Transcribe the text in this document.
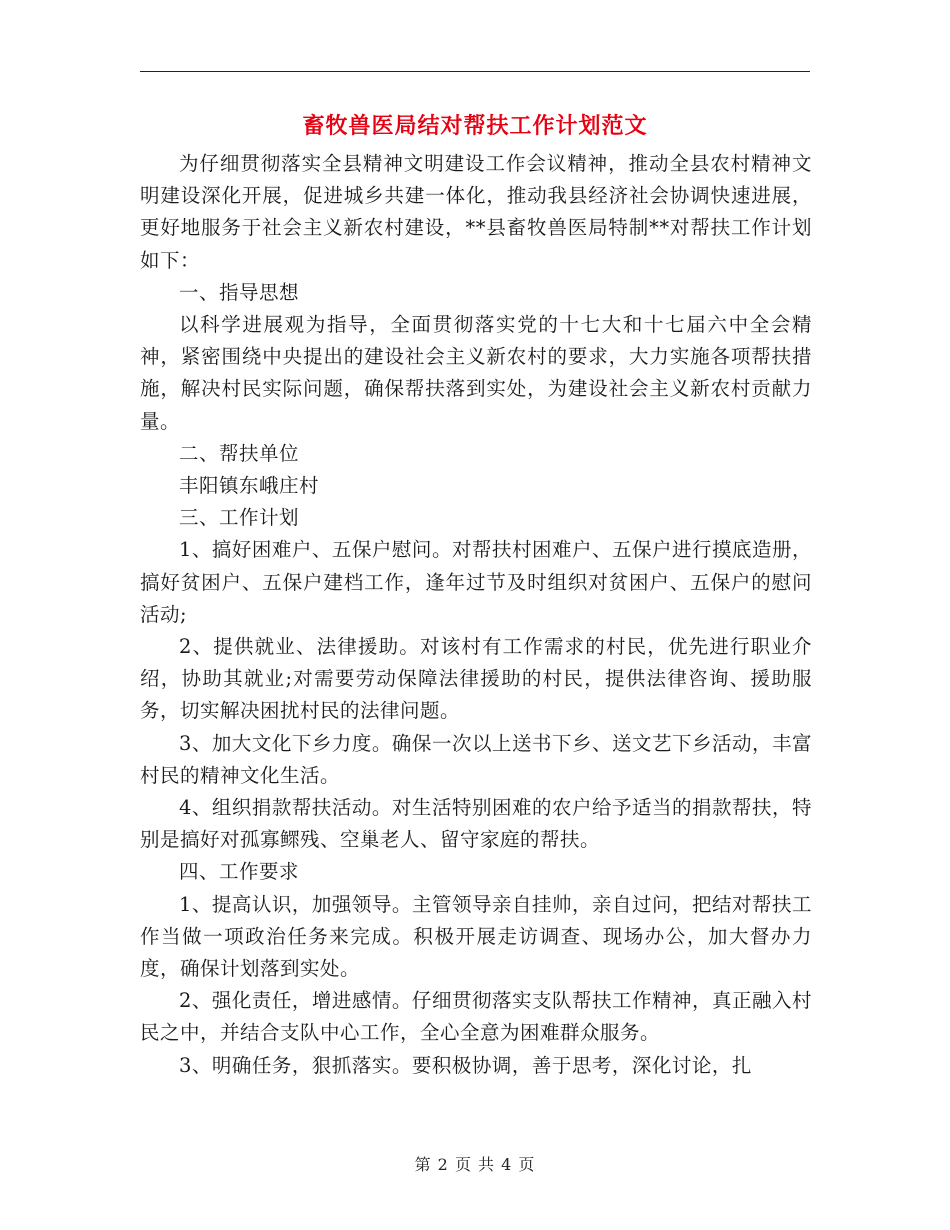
畜牧兽医局结对帮扶工作计划范文

为仔细贯彻落实全县精神文明建设工作会议精神，推动全县农村精神文明建设深化开展，促进城乡共建一体化，推动我县经济社会协调快速进展，更好地服务于社会主义新农村建设，**县畜牧兽医局特制**对帮扶工作计划如下：

一、指导思想

以科学进展观为指导，全面贯彻落实党的十七大和十七届六中全会精神，紧密围绕中央提出的建设社会主义新农村的要求，大力实施各项帮扶措施，解决村民实际问题，确保帮扶落到实处，为建设社会主义新农村贡献力量。

二、帮扶单位

丰阳镇东峨庄村

三、工作计划

1、搞好困难户、五保户慰问。对帮扶村困难户、五保户进行摸底造册，搞好贫困户、五保户建档工作，逢年过节及时组织对贫困户、五保户的慰问活动;

2、提供就业、法律援助。对该村有工作需求的村民，优先进行职业介绍，协助其就业;对需要劳动保障法律援助的村民，提供法律咨询、援助服务，切实解决困扰村民的法律问题。

3、加大文化下乡力度。确保一次以上送书下乡、送文艺下乡活动，丰富村民的精神文化生活。

4、组织捐款帮扶活动。对生活特别困难的农户给予适当的捐款帮扶，特别是搞好对孤寡鳏残、空巢老人、留守家庭的帮扶。

四、工作要求

1、提高认识，加强领导。主管领导亲自挂帅，亲自过问，把结对帮扶工作当做一项政治任务来完成。积极开展走访调查、现场办公，加大督办力度，确保计划落到实处。

2、强化责任，增进感情。仔细贯彻落实支队帮扶工作精神，真正融入村民之中，并结合支队中心工作，全心全意为困难群众服务。

3、明确任务，狠抓落实。要积极协调，善于思考，深化讨论，扎

第 2 页 共 4 页
